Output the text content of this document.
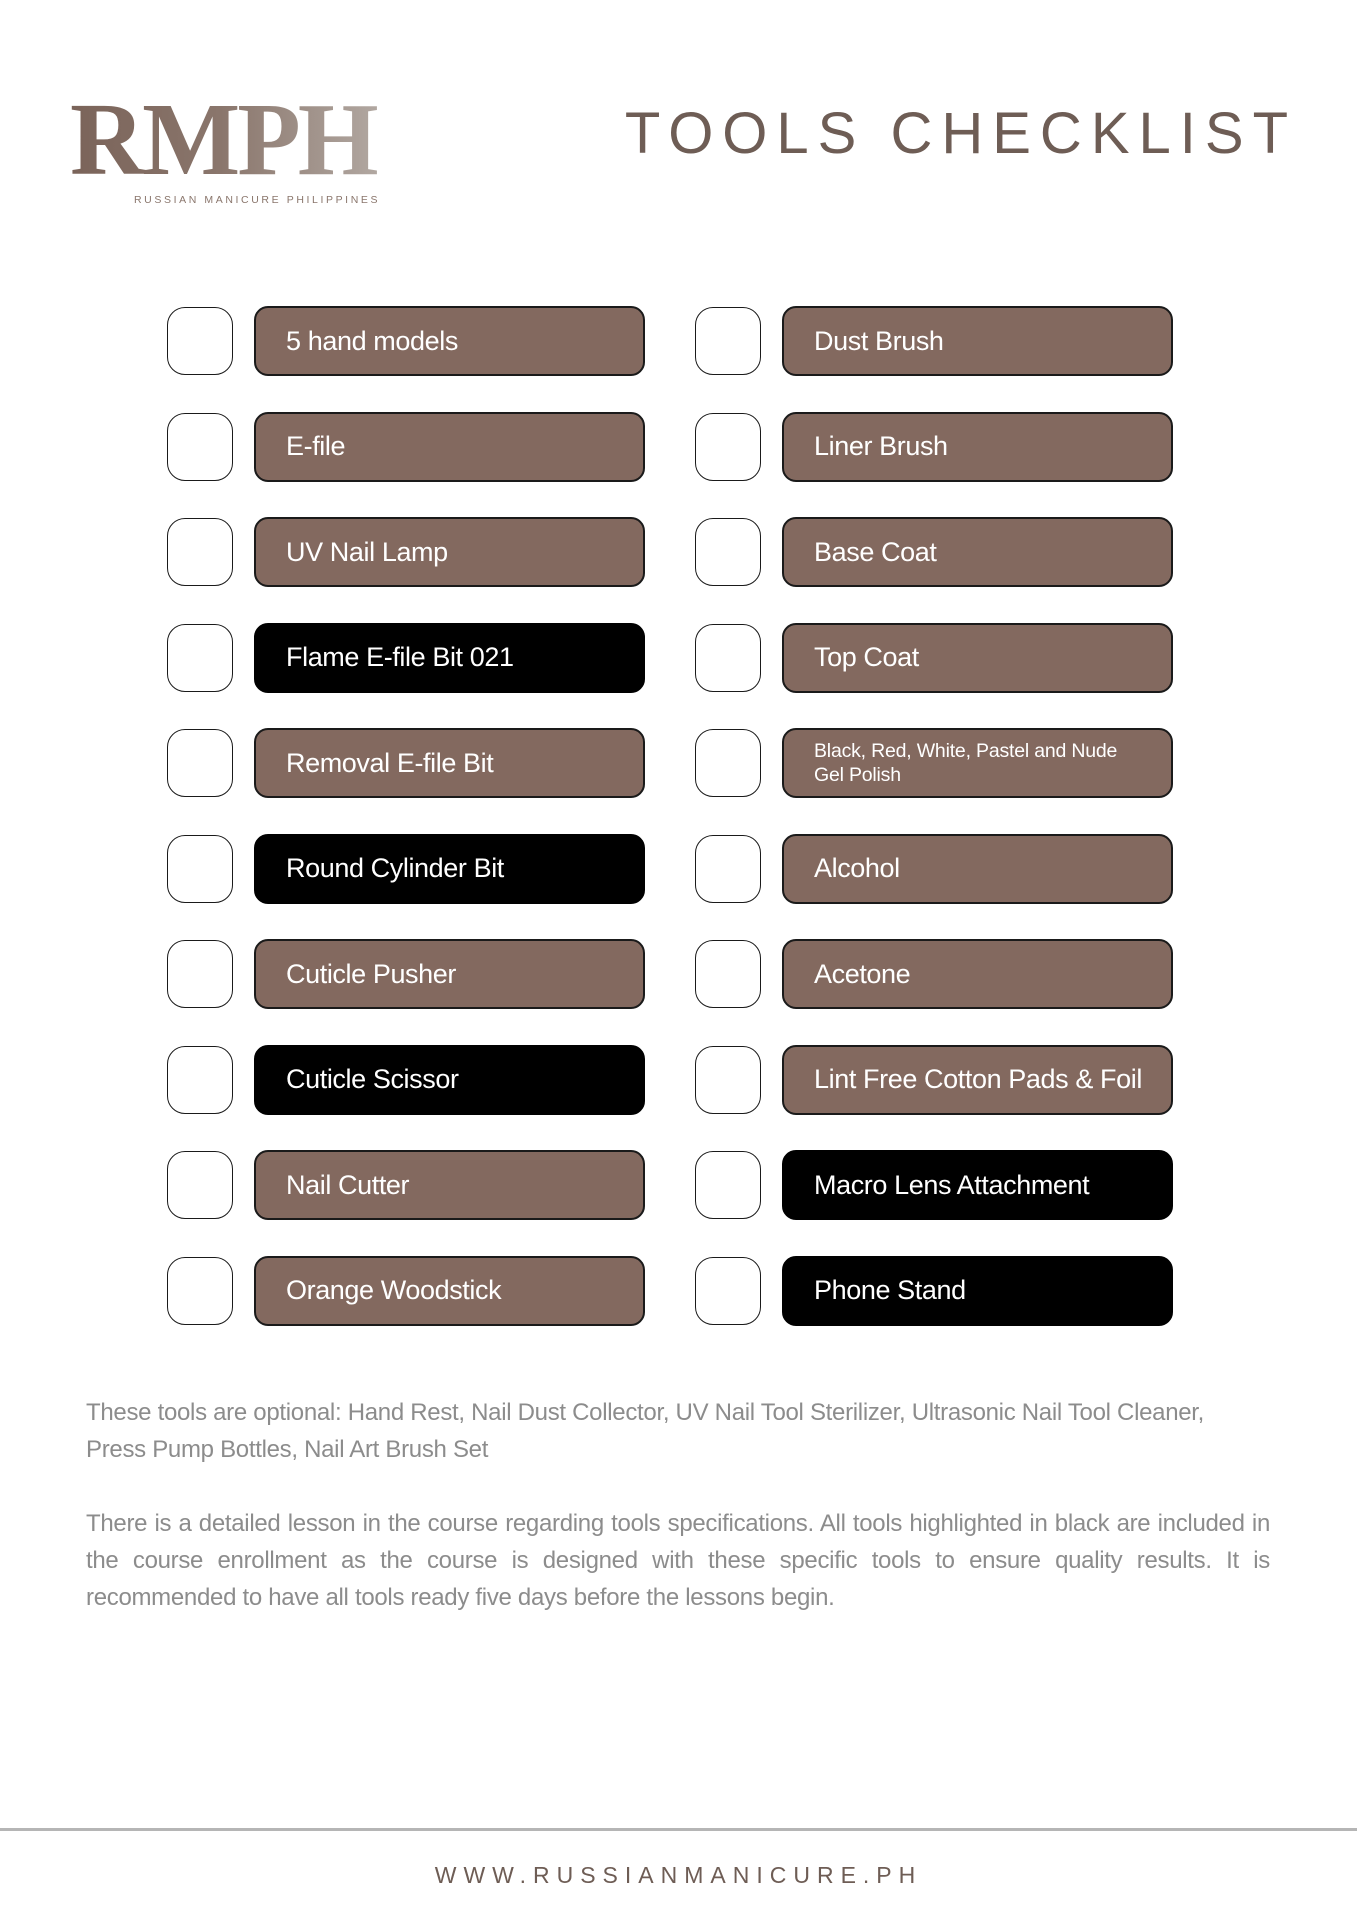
RMPH
RUSSIAN MANICURE PHILIPPINES
TOOLS CHECKLIST
5 hand models	Dust Brush
E-file	Liner Brush
UV Nail Lamp	Base Coat
Flame E-file Bit 021	Top Coat
Removal E-file Bit	Black, Red, White, Pastel and Nude Gel Polish
Round Cylinder Bit	Alcohol
Cuticle Pusher	Acetone
Cuticle Scissor	Lint Free Cotton Pads & Foil
Nail Cutter	Macro Lens Attachment
Orange Woodstick	Phone Stand

These tools are optional: Hand Rest, Nail Dust Collector, UV Nail Tool Sterilizer, Ultrasonic Nail Tool Cleaner, Press Pump Bottles, Nail Art Brush Set

There is a detailed lesson in the course regarding tools specifications. All tools highlighted in black are included in the course enrollment as the course is designed with these specific tools to ensure quality results. It is recommended to have all tools ready five days before the lessons begin.

WWW.RUSSIANMANICURE.PH
